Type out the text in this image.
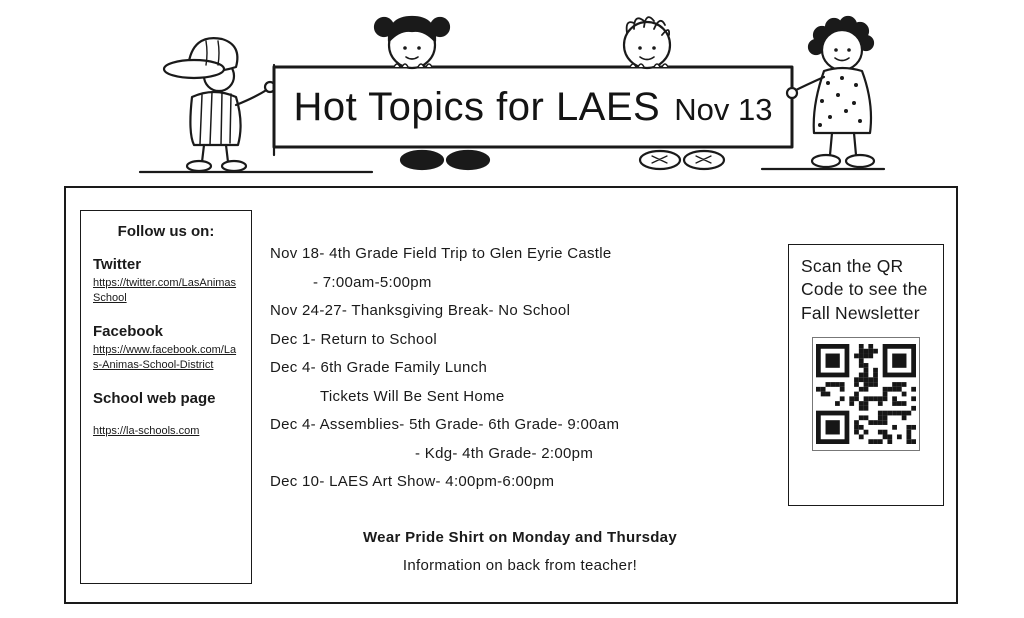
Hot Topics for LAES Nov 13
Follow us on:
Twitter
https://twitter.com/LasAnimasSchool
Facebook
https://www.facebook.com/Las-Animas-School-District
School web page
https://la-schools.com
Nov 18- 4th Grade Field Trip to Glen Eyrie Castle
- 7:00am-5:00pm
Nov 24-27- Thanksgiving Break- No School
Dec 1- Return to School
Dec 4- 6th Grade Family Lunch
Tickets Will Be Sent Home
Dec 4- Assemblies- 5th Grade- 6th Grade- 9:00am
- Kdg- 4th Grade- 2:00pm
Dec 10- LAES Art Show- 4:00pm-6:00pm
Wear Pride Shirt on Monday and Thursday
Information on back from teacher!
Scan the QR Code to see the Fall Newsletter
